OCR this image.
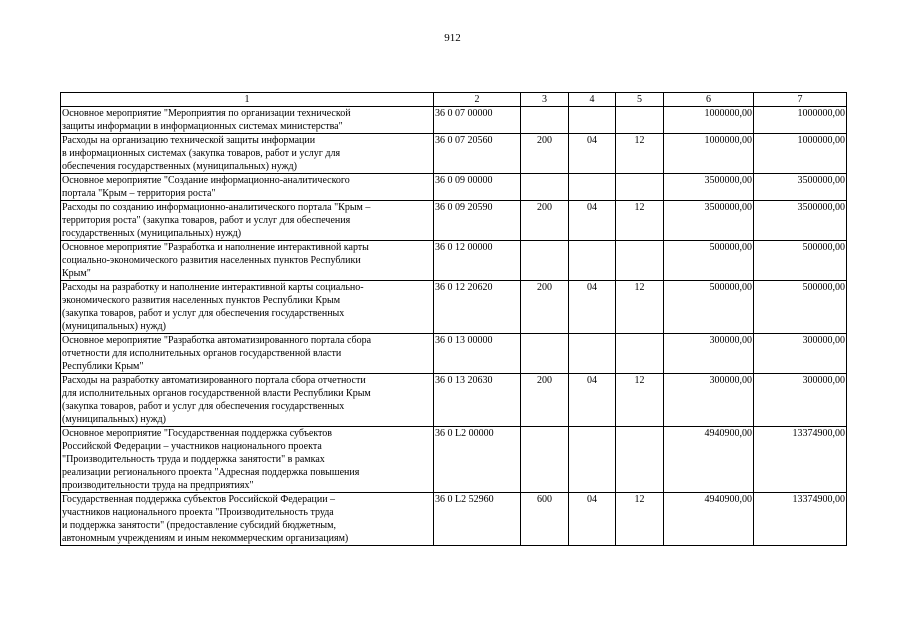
912
1	2	3	4	5	6	7

Основное мероприятие "Мероприятия по организации технической
защиты информации в информационных системах министерства"	36 0 07 00000				1000000,00	1000000,00

Расходы на организацию технической защиты информации
в информационных системах (закупка товаров, работ и услуг для
обеспечения государственных (муниципальных) нужд)	36 0 07 20560	200	04	12	1000000,00	1000000,00

Основное мероприятие "Создание информационно-аналитического
портала "Крым – территория роста"	36 0 09 00000				3500000,00	3500000,00

Расходы по созданию информационно-аналитического портала "Крым –
территория роста" (закупка товаров, работ и услуг для обеспечения
государственных (муниципальных) нужд)	36 0 09 20590	200	04	12	3500000,00	3500000,00

Основное мероприятие "Разработка и наполнение интерактивной карты
социально-экономического развития населенных пунктов Республики
Крым"	36 0 12 00000				500000,00	500000,00

Расходы на разработку и наполнение интерактивной карты социально-
экономического развития населенных пунктов Республики Крым
(закупка товаров, работ и услуг для обеспечения государственных
(муниципальных) нужд)	36 0 12 20620	200	04	12	500000,00	500000,00

Основное мероприятие "Разработка автоматизированного портала сбора
отчетности для исполнительных органов государственной власти
Республики Крым"	36 0 13 00000				300000,00	300000,00

Расходы на разработку автоматизированного портала сбора отчетности
для исполнительных органов государственной власти Республики Крым
(закупка товаров, работ и услуг для обеспечения государственных
(муниципальных) нужд)	36 0 13 20630	200	04	12	300000,00	300000,00

Основное мероприятие "Государственная поддержка субъектов
Российской Федерации – участников национального проекта
"Производительность труда и поддержка занятости" в рамках
реализации регионального проекта "Адресная поддержка повышения
производительности труда на предприятиях"	36 0 L2 00000				4940900,00	13374900,00

Государственная поддержка субъектов Российской Федерации –
участников национального проекта "Производительность труда
и поддержка занятости" (предоставление субсидий бюджетным,
автономным учреждениям и иным некоммерческим организациям)	36 0 L2 52960	600	04	12	4940900,00	13374900,00
